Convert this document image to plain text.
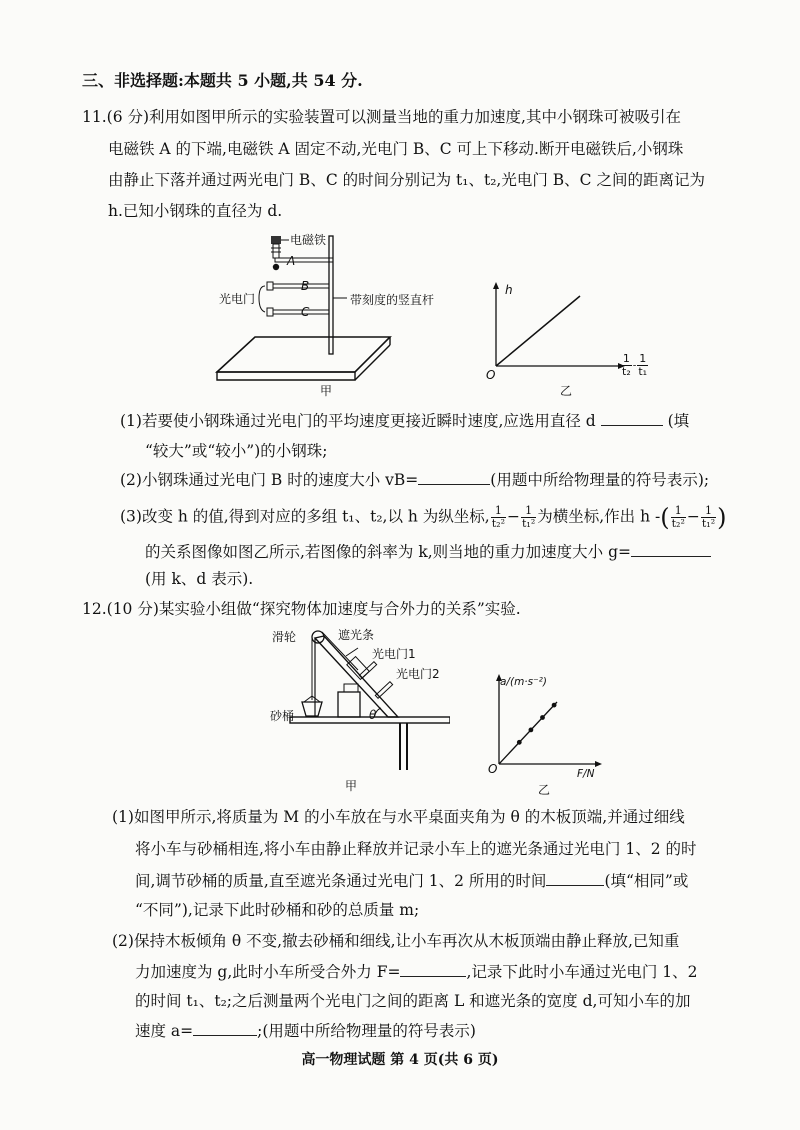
三、非选择题:本题共 5 小题,共 54 分.
11.(6 分)利用如图甲所示的实验装置可以测量当地的重力加速度,其中小钢珠可被吸引在
电磁铁 A 的下端,电磁铁 A 固定不动,光电门 B、C 可上下移动.断开电磁铁后,小钢珠
由静止下落并通过两光电门 B、C 的时间分别记为 t₁、t₂,光电门 B、C 之间的距离记为
h.已知小钢珠的直径为 d.
电磁铁
A
B
C
光电门	带刻度的竖直杆
甲
h
O
乙
$\frac{1}{\text{t₂}} - \frac{1}{\text{t₁}}$
(1)若要使小钢珠通过光电门的平均速度更接近瞬时速度,应选用直径 d	(填
“较大”或“较小”)的小钢珠;
(2)小钢珠通过光电门 B 时的速度大小 vB=	(用题中所给物理量的符号表示);
(3)改变 h 的值,得到对应的多组 t₁、t₂,以 h 为纵坐标, $\frac{1}{\text{t₂²}} - \frac{1}{\text{t₁²}}$ 为横坐标,作出 h -( $\frac{1}{\text{t₂²}} - \frac{1}{\text{t₁²}}$ )
的关系图像如图乙所示,若图像的斜率为 k,则当地的重力加速度大小 g=
(用 k、d 表示).
12.(10 分)某实验小组做“探究物体加速度与合外力的关系”实验.
滑轮	遮光条
光电门1
光电门2
砂桶	θ
甲
a/(m·s⁻²)
F/N
O
乙
(1)如图甲所示,将质量为 M 的小车放在与水平桌面夹角为 θ 的木板顶端,并通过细线
将小车与砂桶相连,将小车由静止释放并记录小车上的遮光条通过光电门 1、2 的时
间,调节砂桶的质量,直至遮光条通过光电门 1、2 所用的时间	(填“相同”或
“不同”),记录下此时砂桶和砂的总质量 m;
(2)保持木板倾角 θ 不变,撤去砂桶和细线,让小车再次从木板顶端由静止释放,已知重
力加速度为 g,此时小车所受合外力 F=	,记录下此时小车通过光电门 1、2
的时间 t₁、t₂;之后测量两个光电门之间的距离 L 和遮光条的宽度 d,可知小车的加
速度 a=	;(用题中所给物理量的符号表示)
高一物理试题 第 4 页(共 6 页)
